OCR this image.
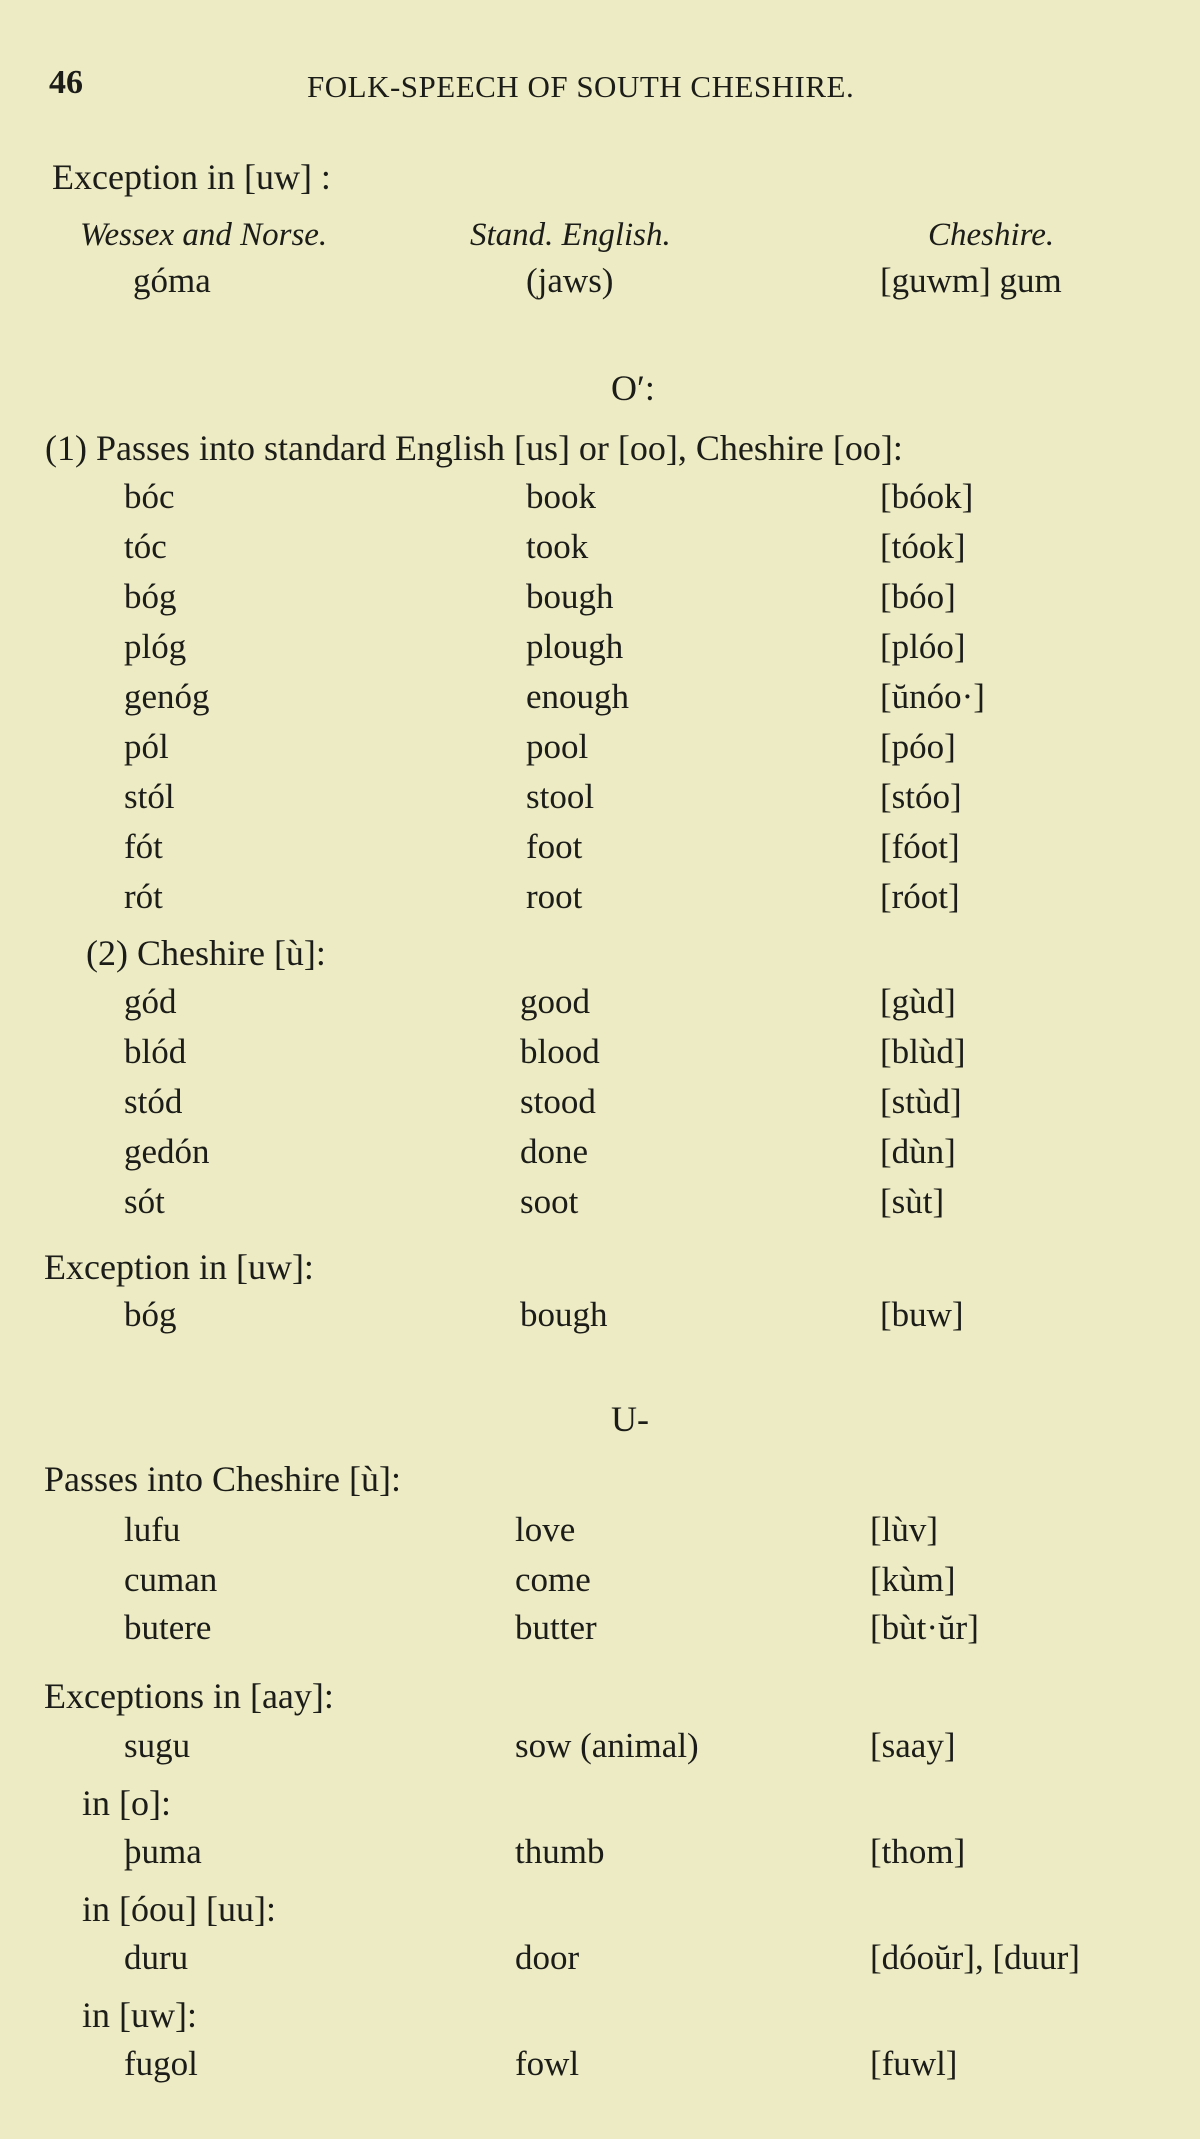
46	FOLK-SPEECH OF SOUTH CHESHIRE.
Exception in [uw] :
Wessex and Norse.	Stand. English.	Cheshire.
góma	(jaws)	[guwm] gum
O′:
(1) Passes into standard English [us] or [oo], Cheshire [oo]:
bóc	book	[bóok]
tóc	took	[tóok]
bóg	bough	[bóo]
plóg	plough	[plóo]
genóg	enough	[ŭnóo·]
pól	pool	[póo]
stól	stool	[stóo]
fót	foot	[fóot]
rót	root	[róot]
(2) Cheshire [ù]:
gód	good	[gùd]
blód	blood	[blùd]
stód	stood	[stùd]
gedón	done	[dùn]
sót	soot	[sùt]
Exception in [uw]:
bóg	bough	[buw]
U-
Passes into Cheshire [ù]:
lufu	love	[lùv]
cuman	come	[kùm]
butere	butter	[bùt·ŭr]
Exceptions in [aay]:
sugu	sow (animal)	[saay]
in [o]:
þuma	thumb	[thom]
in [óou] [uu]:
duru	door	[dóoŭr], [duur]
in [uw]:
fugol	fowl	[fuwl]
